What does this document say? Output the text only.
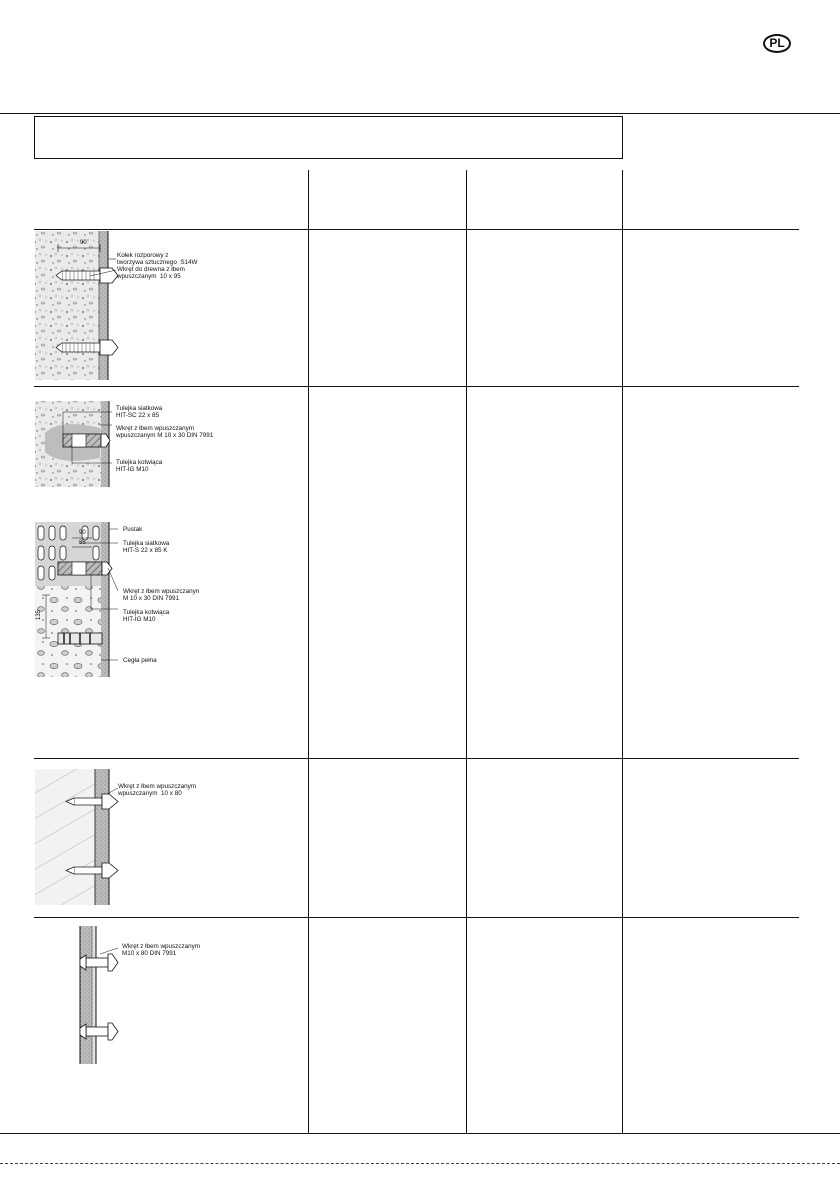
PL
90
Kołek rozporowy z
tworzywa sztucznego  S14W
Wkręt do drewna z łbem
wpuszczanym  10 x 95
Tulejka siatkowa
HIT-SC 22 x 85
Wkręt z łbem wpuszczanym
wpuszczanym M 10 x 30 DIN 7991
Tulejka kotwiąca
HIT-IG M10
Pustak
90
85	Tulejka siatkowa
HIT-S 22 x 85 K
Wkręt z łbem wpuszczanyn
M 10 x 30 DIN 7991
135	Tulejka kotwiąca
HIT-IG M10
Cegła pełna
Wkręt z łbem wpuszczanym
wpuszczanym  10 x 80
Wkręt z łbem wpuszczanym
M10 x 80 DIN 7991
